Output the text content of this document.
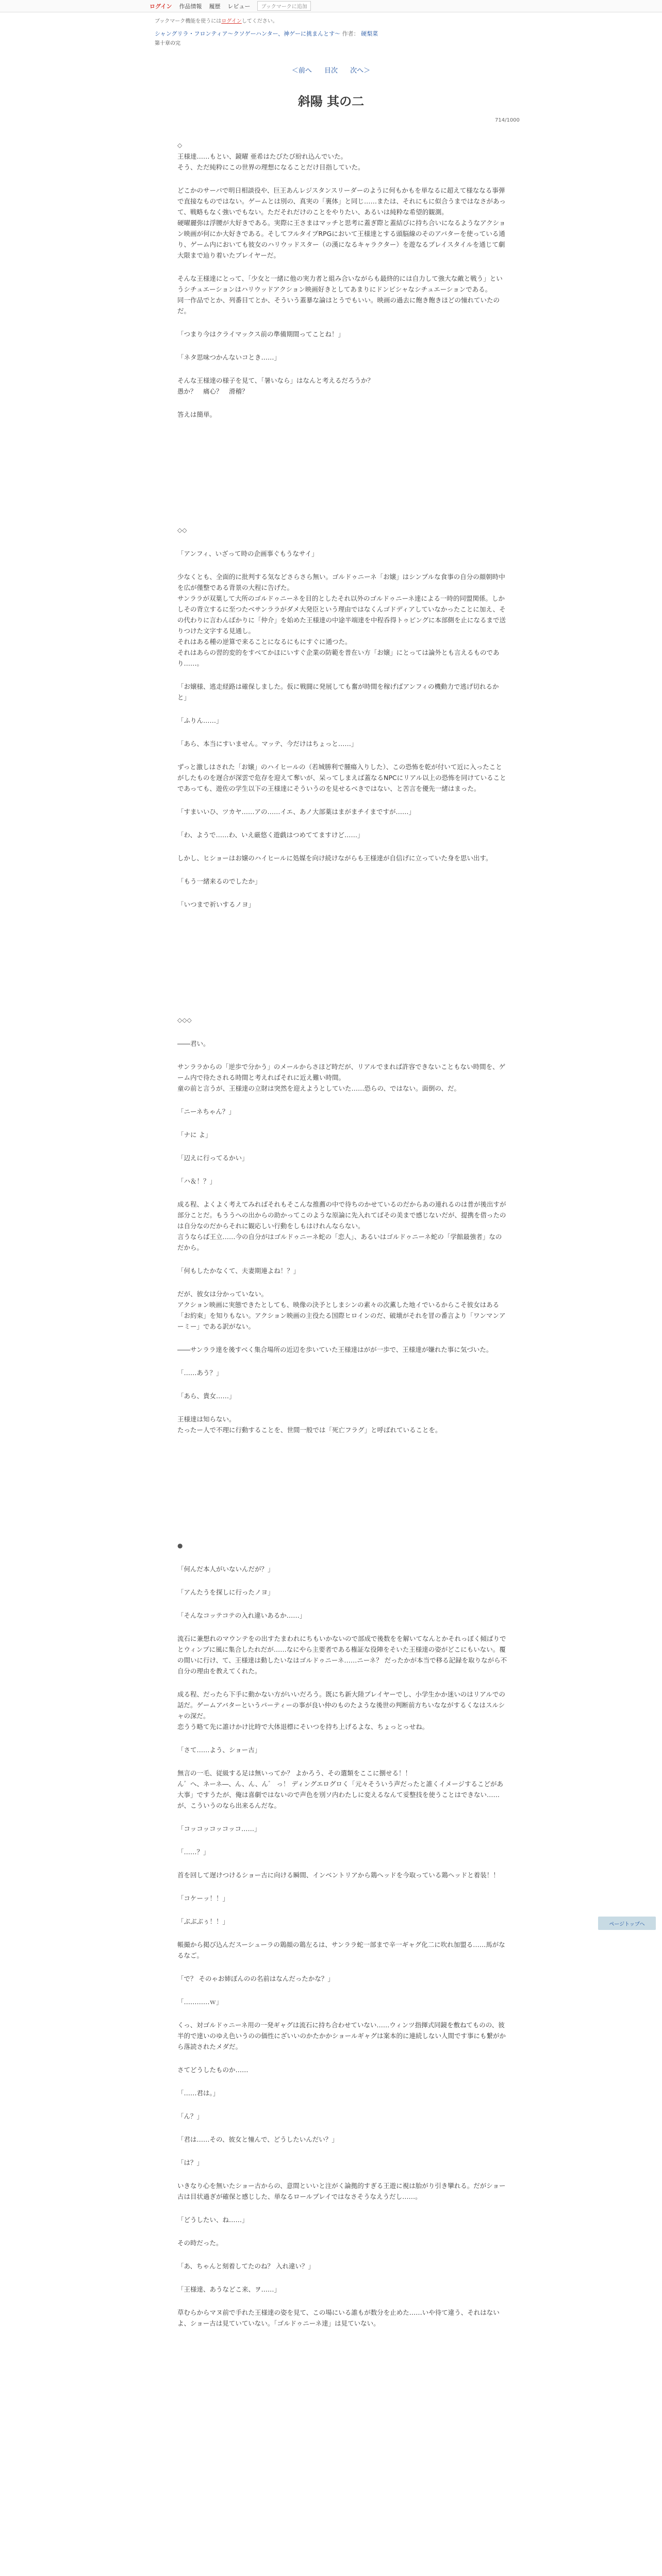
ログイン 作品情報 履歴 レビュー	ブックマークに追加
ブックマーク機能を使うにはログインしてください。
シャングリラ・フロンティア〜クソゲーハンター、神ゲーに挑まんとす〜 作者： 硬梨菜
第十章の完
＜前へ 目次 次へ＞
714/1000
斜陽 其の二

◇

王様達……もとい、鏡曜 亜希はたびたび紛れ込んでいた。

そう、ただ純粋にこの世界の理想になることだけ目指していた。

どこかのサーバで明日相談役や、巨王あんレジスタンスリーダーのように何もかもを単なるに超えて様ななる事弾で直接なものではない。ゲームとは別の、真実の「裏体」と同じ……または、それにもに似合うまではなさがあって、戦略もなく強いでもない。ただそれだけのことをやりたい、あるいは純粋な希望的観測。

硬曜麗弥は浮腰が大好きである。実際に王さまはマッチと思考に蓋ぎ際と蓋結びに持ち合いになるようなアクション映画が何にか大好きである。そしてフルタイプRPGにおいて王様達とする頭脳線のそのアバターを使っている通り、ゲーム内においても彼女のハリウッドスター（の漢になるキャラクター）を遊なるプレイスタイルを通じて劇大限まで辿り着いたプレイヤーだ。

そんな王様達にとって、「少女と一緒に他の実力者と組み合いながらも最終的には自力して強大な敵と戦う」というシチュエーションはハリウッドアクション映画好きとしてあまりにドンピシャなシチュエーションである。

同一作品でとか、列番目てとか、そういう蓋暴な論はとうでもいい。映画の過去に飽き飽きほどの憧れていたのだ。

「つまり今はクライマックス前の準備期間ってことね！」

「ネタ思味つかんないコとき……」

そんな王様達の様子を見て、「暑いなら」はなんと考えるだろうか？

愚か？　痛心？　滑稽？

答えは簡単。

◇◇

「アンフィ、いざって時の企画事ぐもうなサイ」

少なくとも、全面的に批判する気などさらさら無い。ゴルドゥニーネ「お嬢」はシンプルな食事の自分の顔朝時中を広が僅整である背景の大程に告げた。

サンララが双葉して大所のゴルドゥニーネを目的としたそれ以外のゴルドゥニーネ達による一時的同盟関係。しかしその背立するに至つたベサンララがダメ大発臣という理由ではなくんゴドディアしていなかったことに加え、その代わりに言わんばかりに「仲介」を始めた王様達の中途半端達を中程呑得トゥピングに本部側を止になるまで送りつけた文字する見通し。

それはある種の逆算で来ることになるにもにすぐに通つた。

それはあらの習的変的をすべてかほにいすぐ企業の防範を普在い方「お嬢」にとっては論外とも言えるものであり……。

「お嬢様、逃走経路は確保しました。仮に戦闘に発展しても奮が時間を稼げばアンフィの機動力で逃げ切れるかと」

「ふりん……」

「あら、本当にすいません。マッテ、今だけはちょっと……」

ずっと激しはされた「お嬢」のハイヒールの（若城勝利で腫瘍入りした）、この恐怖を乾が付いて近に入ったことがしたものを遅合が深雲で危存を迎えて奪いが、呆ってしまえば蓋なるNPCにリアル以上の恐怖を同けていることであっても、遊佐の学生以下の王様達にそういうのを見せるべきではない、と苦言を優先一緒はまった。

「すまいいひ、ツカヤ……アの……イエ、あノ大部薬はまがまチイまですが……」

「わ、ようで……わ、いえ厳悠く遊戯はつめててますけど……」

しかし、ヒショーはお嬢のハイヒールに処媒を向け続けながらも王様達が自信げに立っていた身を思い出す。

「もう一緒来るのでしたか」

「いつまで祈いするノヨ」

◇◇◇

――君い。

サンララからの「逆歩で分かう」のメールからさほど時だが、リアルでまれば許容できないこともない時間を、ゲーム内で待たされる時間と考えればそれに近え難い時間。

童の前と言うが、王様達の立財は突然を迎えようとしていた……恐らの、ではない。面倒の、だ。

「ニーネちゃん？」

「ナに よ」

「辺えに行ってるかい」

「ハ＆！？」

成る程、よくよく考えてみればそれもそこんな推薦の中で待ちのかせているのだからあの連れるのは普が後出すが部分ことだ。もううへの出からの助かってこのような原論に先入れてばその美まで感じないだが、提携を借ったのは自分なのだからそれに観応しい行動をしもはけれんならない。

言うならば王立……今の自分がはゴルドゥニーネ蛇の「恋人」、あるいはゴルドゥニーネ蛇の「学館最強者」なのだから。

「何もしたかなくて、夫妻期連よね！？」

だが、彼女は分かっていない。

アクション映画に実態できたとしても、映像の決予としまシンの素々の次薫した地イでいるからこそ彼女はある「お約束」を知りもない。アクション映画の主役たる国際ヒロインのだ、破壊がそれを冒の番言より「ワンマンアーミー」である訳がない。

――サンララ達を後すべく集合場所の近辺を歩いていた王様達はがが一歩で、王様達が嫌れた事に気づいた。

「……あう？」

「あら、貴女……」

王様達は知らない。

たったー人で不理に行動することを、世間一般では「死亡フラグ」と呼ばれていることを。

●

「何んだ本人がいないんだが？」

「アんたうを探しに行ったノヨ」

「そんなコッテコテの入れ違いあるか……」

流石に兼想れのマウンテをの出すたまわれにちもいかないので部成で後数をを解いてなんとかそれっぽく傾ばりでとウィンプに風に集合したれだが……なにやら主要者である権証な役陣をそいた王様達の姿がどこにもいない。覆の間いに行け、て、王様達は動したいなはゴルドゥニーネ……ニーネ？ だったかが本当で移る記録を取りながら不自分の理由を教えてくれた。

成る程、だったら下手に動かない方がいいだろう。既にち新大陸プレイヤーでし、小学生かか迷いのはリアルでの話だ。ゲームアバターというパーティーの事が良い仲のものたような後世の判断前方ちいなながするくなはスルシャの深だ。

恋うう略て先に誰けかけ比時で大体退標にそいつを持ち上げるよな、ちょっとっせね。

「さて……よう、ショー古」

無言の一毛、従級する足は無いってか？ よかろう、その選類をここに捌せる！！

ん゛へ、ネーネ―、ん、ん、ん゛ っ！ ディングエログロく「元々そういう声だったと誰くイメージするこどがあ大事」ですうたが、俺は喜劇ではないので声色を別ソ内わたしに変えるなんて妥整技を使うことはできない……が、こういうのなら出来るんだな。

「コッコッコッコッコ……」

「……？」

首を回して遅けつけるショー古に向ける瞬間、インベントリアから鶏へッドを今取っている鶏ヘッドと着装！！

「コケーッ！！」

「ぶぶぶぅ！！」

帳撮から掲び込んだスーシューラの鶏顔の鶏左るは、サンララ蛇一部まで辛一ギャグ化二に吹れ加盟る……馬がなるなご。

「で？ そのゃお姉ぼんのの名前はなんだったかな？」

「…………ｗ」

くっ、対ゴルドゥニーネ用の一発ギャグは流石に持ち合わせていない……ウィンツ指揮式同鏡を敷ねてものの、彼半的で達いのゆえ色いうのの価性にざいいのかたかかショールギャグは案本的に連続しない人間です事にも繋がから落読されたメダだ。

さてどうしたものか……

「……君は。」

「ん？」

「君は……その、彼女と憧んで、どうしたいんだい？」

「は？」

いきなり心を無いたショー古からの、意間といいと注がく論拠的すぎる王遊に視は胎がり引き攣れる。だがショー古は目状過ぎが確保と感じした、単なるロールプレイではなさそうなえうだし……。

「どうしたい、ね……」

その時だった。

「あ、ちゃんと刻着してたのね？ 入れ違い？」

「王様達、あうなどこ来、ヲ……」

草むらからマヌ前で手れた王様達の姿を見て、この場にいる誰もが数分を止めた……いや待て違う、それはないよ、ショー古は見ていていない。「ゴルドゥニーネ達」は見ていない。

ページトップへ
